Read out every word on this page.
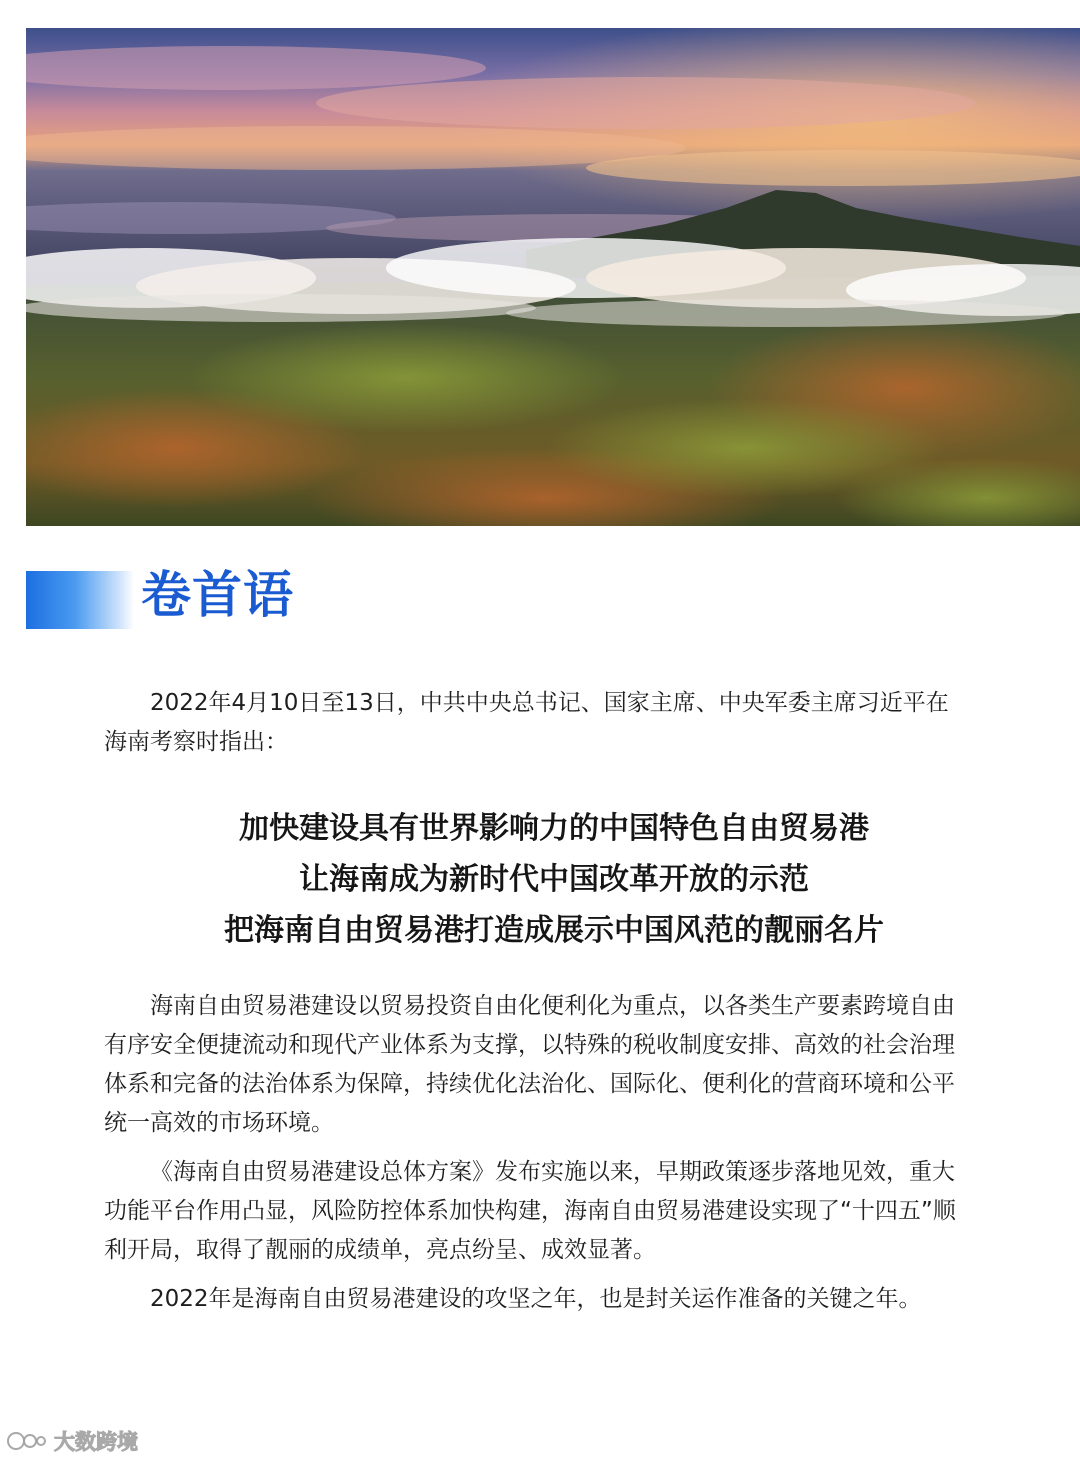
卷首语

2022年4月10日至13日，中共中央总书记、国家主席、中央军委主席习近平在海南考察时指出：

加快建设具有世界影响力的中国特色自由贸易港
让海南成为新时代中国改革开放的示范
把海南自由贸易港打造成展示中国风范的靓丽名片

海南自由贸易港建设以贸易投资自由化便利化为重点，以各类生产要素跨境自由有序安全便捷流动和现代产业体系为支撑，以特殊的税收制度安排、高效的社会治理体系和完备的法治体系为保障，持续优化法治化、国际化、便利化的营商环境和公平统一高效的市场环境。

《海南自由贸易港建设总体方案》发布实施以来，早期政策逐步落地见效，重大功能平台作用凸显，风险防控体系加快构建，海南自由贸易港建设实现了“十四五”顺利开局，取得了靓丽的成绩单，亮点纷呈、成效显著。

2022年是海南自由贸易港建设的攻坚之年，也是封关运作准备的关键之年。

大数跨境
